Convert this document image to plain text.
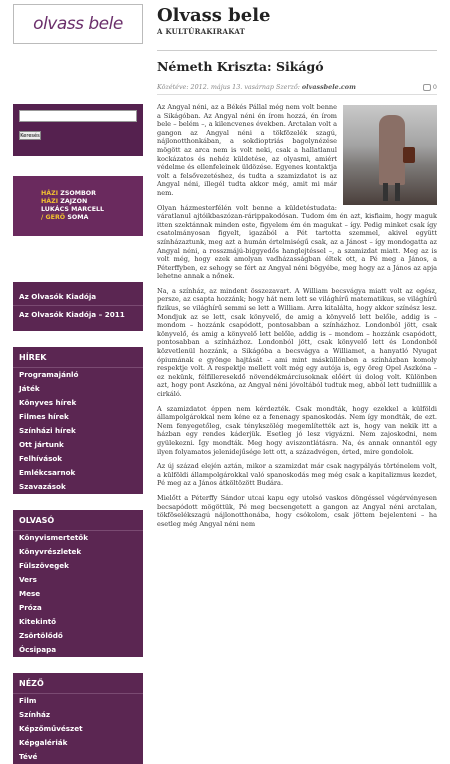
olvass bele
Keresés
HÁZI ZSOMBOR
HÁZI ZAJZON
LUKÁCS MARCELL
/ GERŐ SOMA
Az Olvasók Kiadója
Az Olvasók Kiadója – 2011
HÍREK
Programajánló
Játék
Könyves hírek
Filmes hírek
Színházi hírek
Ott jártunk
Felhívások
Emlékcsarnok
Szavazások
OLVASÓ
Könyvismertetők
Könyvrészletek
Fülszövegek
Vers
Mese
Próza
Kitekintő
Zsörtölődő
Ócsipapa
NÉZŐ
Film
Színház
Képzőművészet
Képgalériák
Tévé
Olvass bele
A KULTÚRAKIRAKAT
Németh Kriszta: Sikágó
Közétéve: 2012. május 13. vasárnap Szerző: olvassbele.com	0

Az Angyal néni, az a Békés Pállal még nem volt benne a Sikágóban. Az Angyal néni én írom hozzá, én írom bele – belém –, a kilencvenes években. Arctalan volt a gangon az Angyal néni a tökfözelék szagú, nájlonotthonkában, a sokdioptriás bagolynézése mögött az arca nem is volt neki, csak a hallatlanul kockázatos és nehéz küldetése, az olyasmi, amiért védelme és ellenfeleinek üldözése. Egyenes kontaktja volt a felsővezetéshez, és tudta a szamizdatot is az Angyal néni, illegél tudta akkor még, amit mi már nem.

Olyan házmesterfélén volt benne a küldetéstudata: váratlanul ajtóikbaszózan-rárippakodósan. Tudom ém én azt, kisfiaim, hogy maguk itten szektánnak minden este, figyelem ém én magukat – így. Pedig minket csak így csatolmányosan figyelt, igazából a Pét tartotta szemmel, akivel együtt színházaztunk, meg azt a humán értelmiségű csak, az a Jánost – így mondogatta az Angyal néni, a rosszmájú-biggyedős hanglejtéssel –, a szamizdat miatt. Meg az is volt még, hogy ezek amolyan vadházasságban éltek ott, a Pé meg a János, a Péterffyben, ez sehogy se fért az Angyal néni bögyébe, meg hogy az a János az apja lehetne annak a nőnek.

Na, a színház, az mindent összezavart. A William becsvágya miatt volt az egész, persze, az csapta hozzánk; hogy hát nem lett se világhírű matematikus, se világhírű fizikus, se világhírű semmi se lett a William. Arra kitalálta, hogy akkor színész lesz. Mondjuk az se lett, csak könyvelő, de amig a könyvelő lett belőle, addig is – mondom – hozzánk csapódott, pontosabban a színházhoz. Londonból jött, csak könyvelő, és amig a könyvelő lett belőle, addig is – mondom – hozzánk csapódott, pontosabban a színházhoz. Londonból jött, csak könyvelő lett és Londonból közvetlenül hozzánk, a Sikágóba a becsvágya a Williamet, a hanyatló Nyugat ópiumának e gyönge hajtását – ami mint másküllönben a színházban komoly respektje volt. A respektje mellett volt még egy autója is, egy öreg Opel Aszkóna – ez nekünk, félfilleresekdő növendékmárciusoknak előért úi dolog volt. Különben azt, hogy pont Aszkóna, az Angyal néni jóvoltából tudtuk meg, abból lett tudniillik a cirkáló.

A szamizdatot éppen nem kérdezték. Csak mondták, hogy ezekkel a külföldi állampolgárokkal nem kéne ez a fenenagy spanoskodás. Nem így mondták, de ezt. Nem fenyegetőleg, csak ténykszölég megemlítették azt is, hogy van nekik itt a házban egy rendes káderjük. Esetleg jó lesz vigyázni. Nem zajoskodni, nem gyülekezni. Így mondták. Meg hogy aviszontlátásra. Na, és annak onnantól egy ilyen folyamatos jelenidejűsége lett ott, a századvégen, érted, mire gondolok.

Az új század elején aztán, mikor a szamizdat már csak nagypályás történelem volt, a külföldi állampolgárokkal való spanoskodás meg még csak a kapitalizmus kezdet, Pé meg az a János átköltözött Budára.

Mielőtt a Péterffy Sándor utcai kapu egy utolsó vaskos döngéssel végérvényesen becsapódott mögöttük, Pé meg becsengetett a gangon az Angyal néni arctalan, tökföselékszagú nájlonotthonába, hogy csókolom, csak jöttem bejelenteni – ha esetleg még Angyal néni nem
